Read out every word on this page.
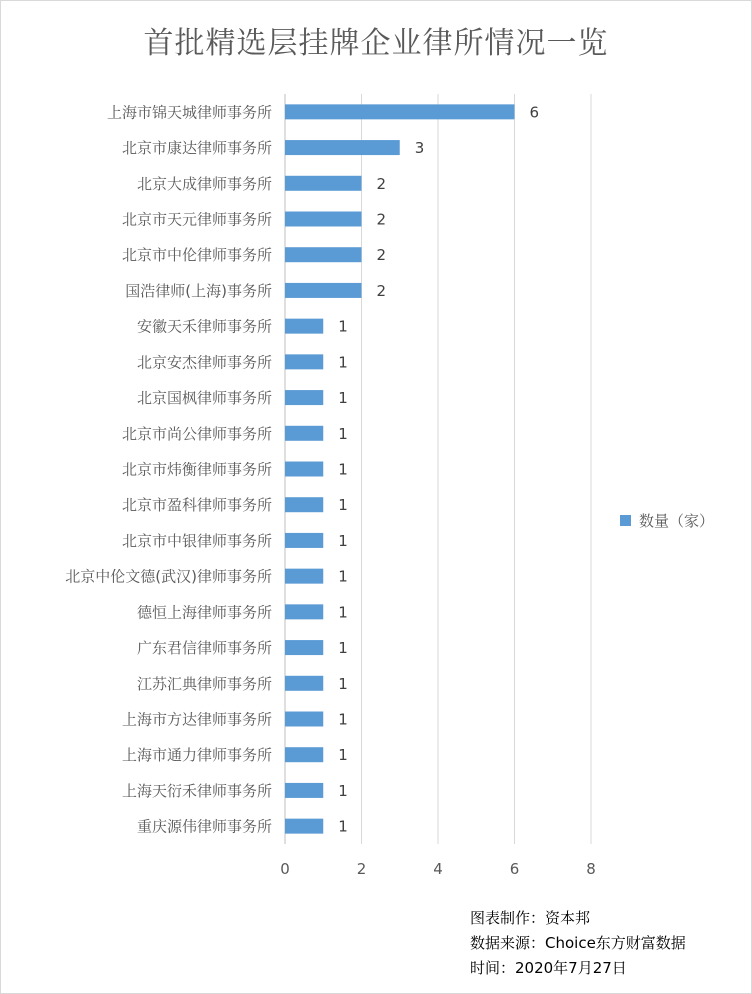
首批精选层挂牌企业律所情况一览
6
3
2
2
2
2
1
1
1
1
1
1
1
1
1
1
1
1
1
1
1
上海市锦天城律师事务所
北京市康达律师事务所
北京大成律师事务所
北京市天元律师事务所
北京市中伦律师事务所
国浩律师(上海)事务所
安徽天禾律师事务所
北京安杰律师事务所
北京国枫律师事务所
北京市尚公律师事务所
北京市炜衡律师事务所
北京市盈科律师事务所
北京市中银律师事务所
北京中伦文德(武汉)律师事务所
德恒上海律师事务所
广东君信律师事务所
江苏汇典律师事务所
上海市方达律师事务所
上海市通力律师事务所
上海天衍禾律师事务所
重庆源伟律师事务所
0	2	4	6	8
数量（家）
图表制作：资本邦
数据来源：Choice东方财富数据
时间：2020年7月27日
